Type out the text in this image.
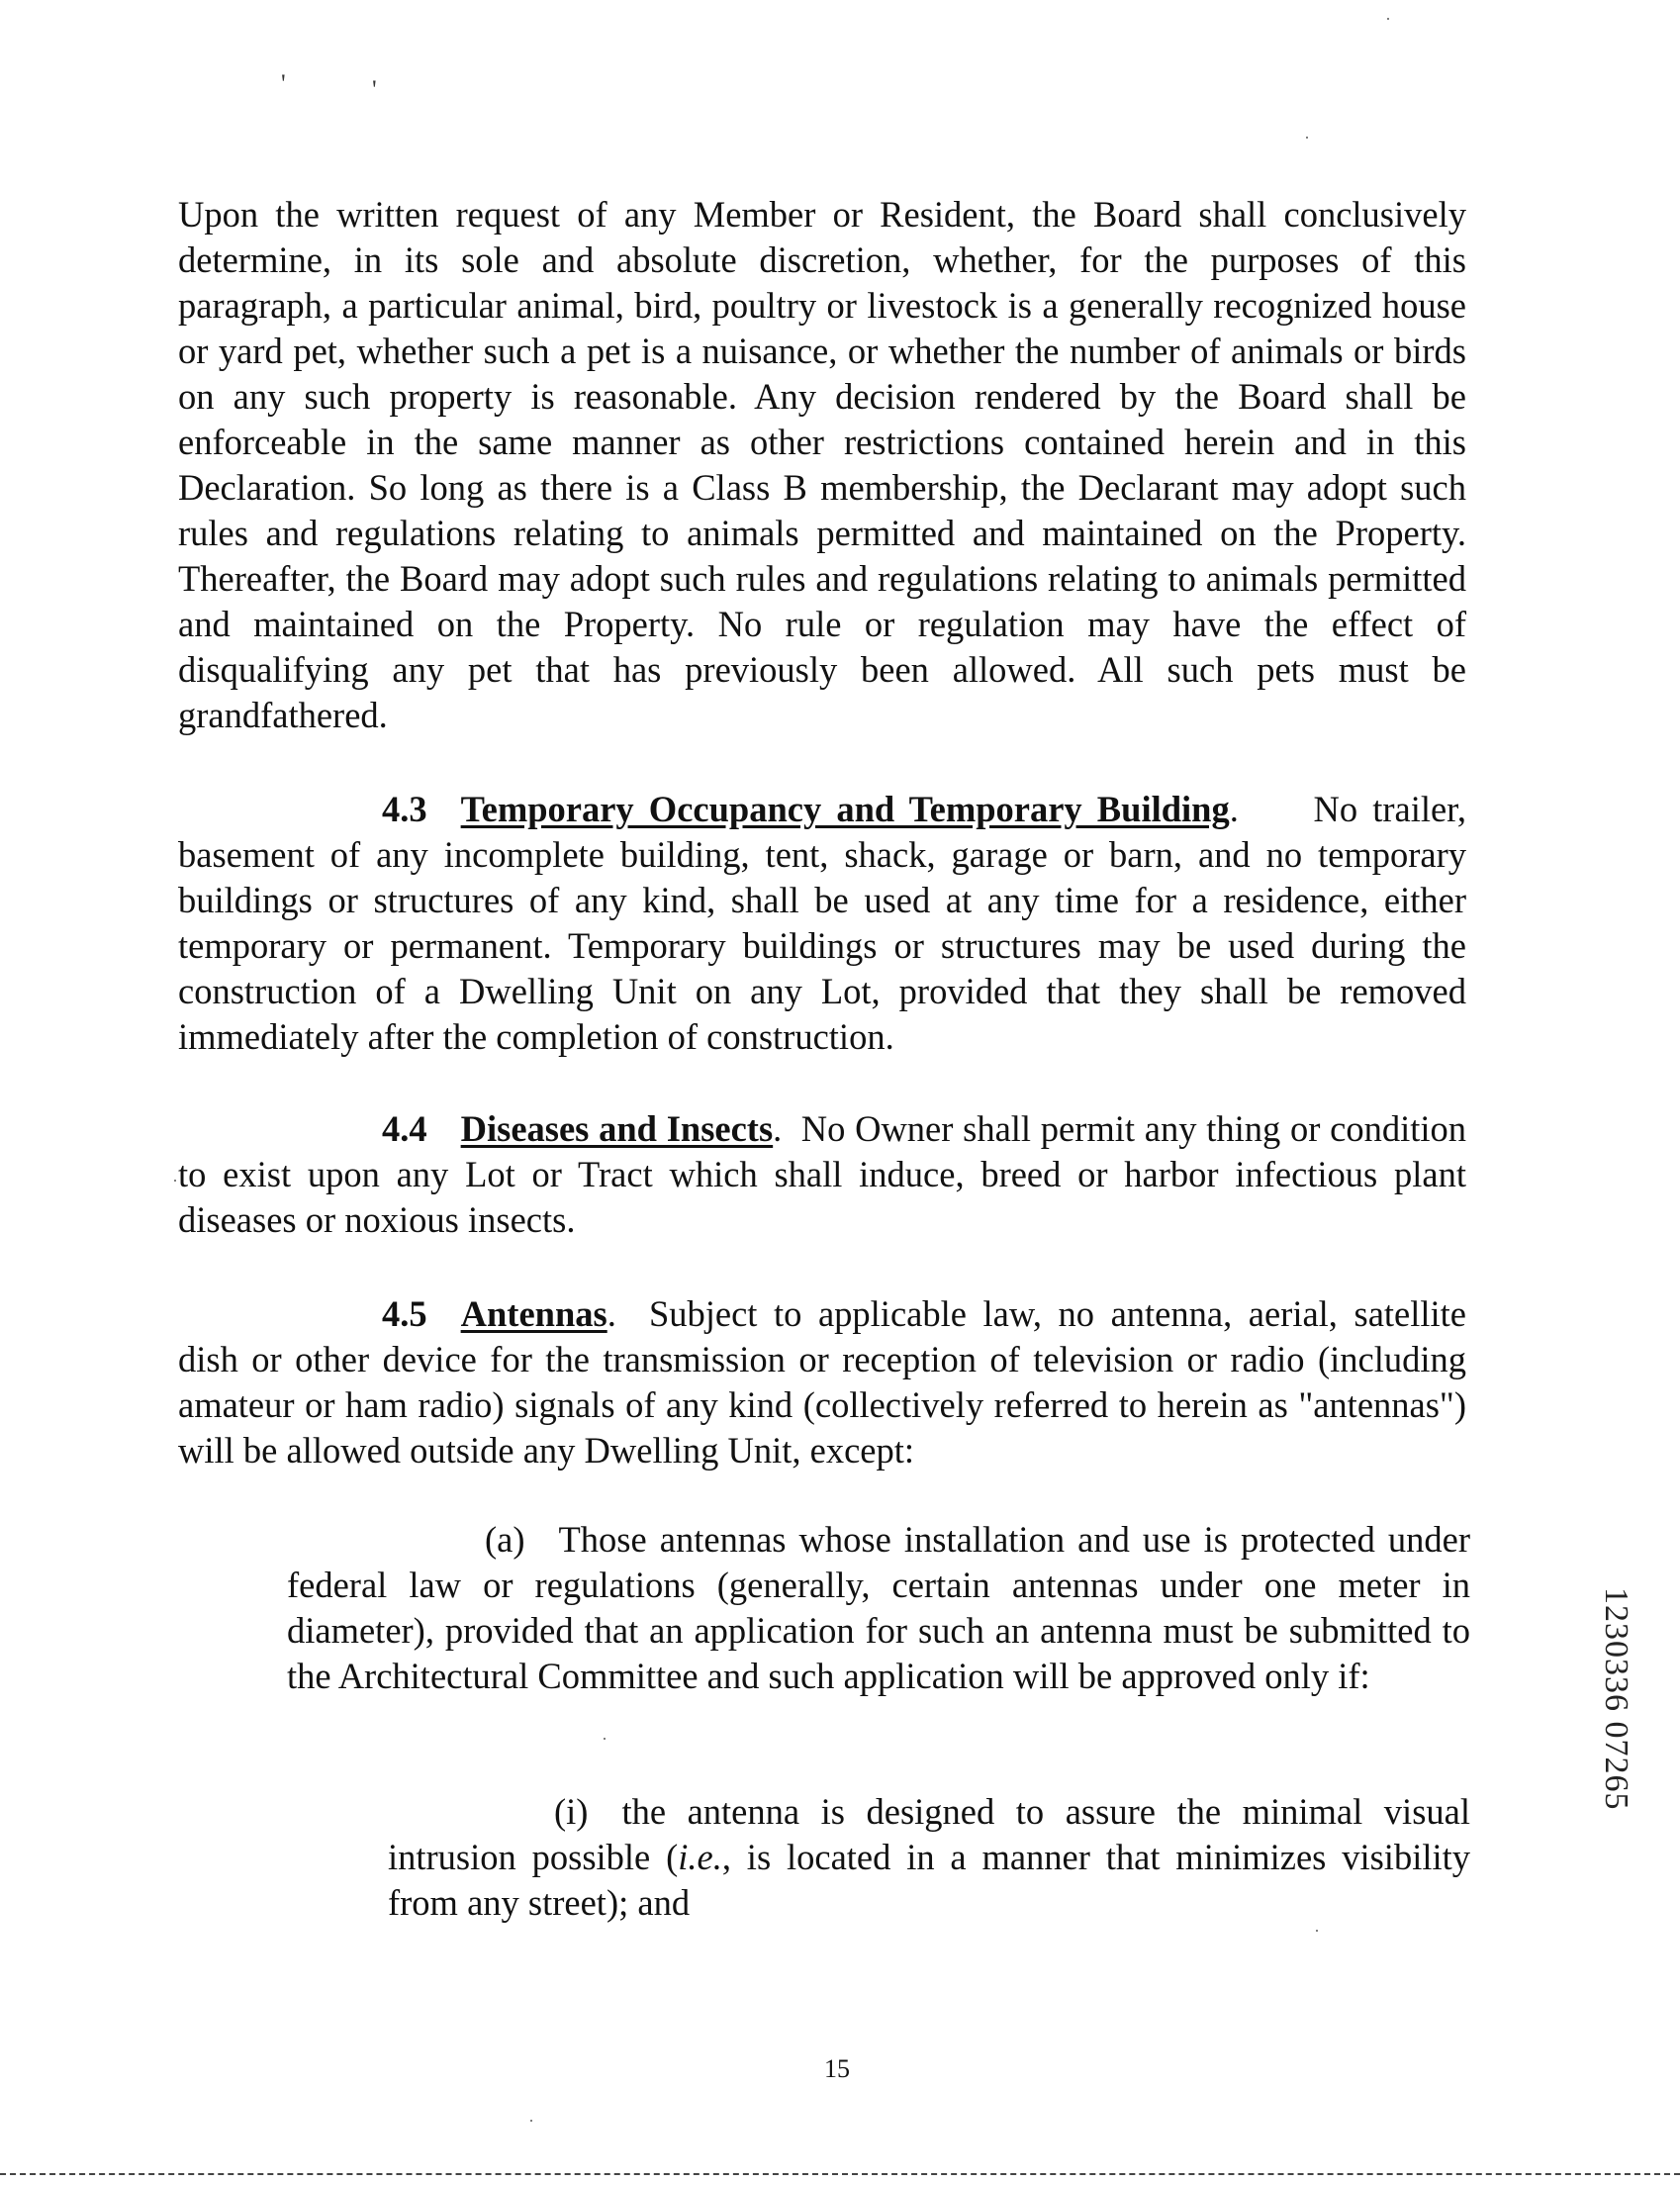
'	'

Upon the written request of any Member or Resident, the Board shall conclusively determine, in its sole and absolute discretion, whether, for the purposes of this paragraph, a particular animal, bird, poultry or livestock is a generally recognized house or yard pet, whether such a pet is a nuisance, or whether the number of animals or birds on any such property is reasonable. Any decision rendered by the Board shall be enforceable in the same manner as other restrictions contained herein and in this Declaration. So long as there is a Class B membership, the Declarant may adopt such rules and regulations relating to animals permitted and maintained on the Property. Thereafter, the Board may adopt such rules and regulations relating to animals permitted and maintained on the Property. No rule or regulation may have the effect of disqualifying any pet that has previously been allowed. All such pets must be grandfathered.

4.3 Temporary Occupancy and Temporary Building.     No trailer, basement of any incomplete building, tent, shack, garage or barn, and no temporary buildings or structures of any kind, shall be used at any time for a residence, either temporary or permanent. Temporary buildings or structures may be used during the construction of a Dwelling Unit on any Lot, provided that they shall be removed immediately after the completion of construction.

4.4 Diseases and Insects.  No Owner shall permit any thing or condition to exist upon any Lot or Tract which shall induce, breed or harbor infectious plant diseases or noxious insects.

4.5 Antennas.  Subject to applicable law, no antenna, aerial, satellite dish or other device for the transmission or reception of television or radio (including amateur or ham radio) signals of any kind (collectively referred to herein as "antennas") will be allowed outside any Dwelling Unit, except:

(a) Those antennas whose installation and use is protected under federal law or regulations (generally, certain antennas under one meter in diameter), provided that an application for such an antenna must be submitted to the Architectural Committee and such application will be approved only if:

(i) the antenna is designed to assure the minimal visual intrusion possible (i.e., is located in a manner that minimizes visibility from any street); and

15
1230336 07265
